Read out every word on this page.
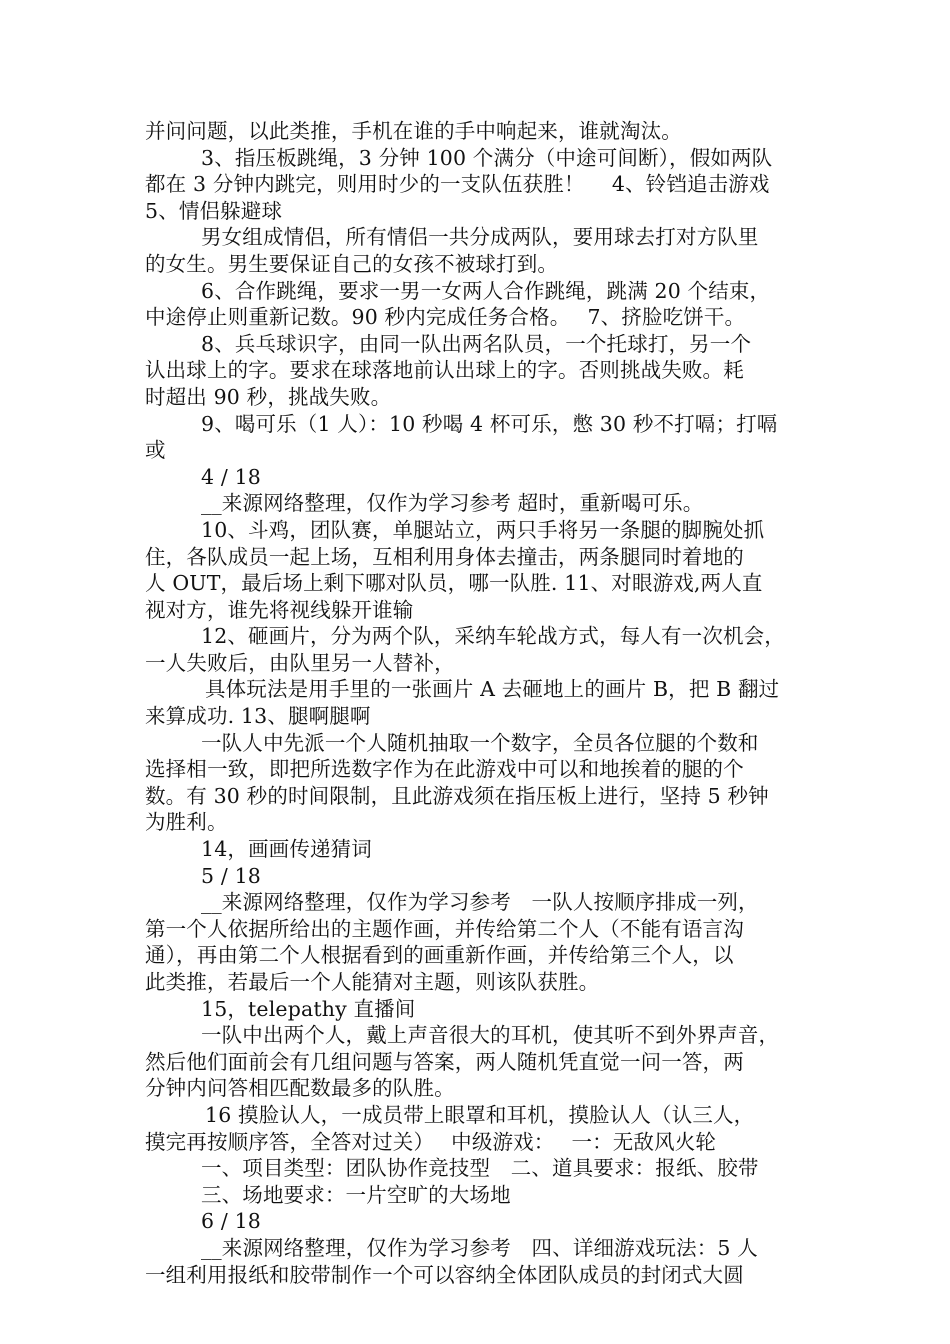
并问问题，以此类推，手机在谁的手中响起来，谁就淘汰。
3、指压板跳绳，3 分钟 100 个满分（中途可间断），假如两队
都在 3 分钟内跳完，则用时少的一支队伍获胜！　 4、铃铛追击游戏
5、情侣躲避球
男女组成情侣，所有情侣一共分成两队，要用球去打对方队里
的女生。男生要保证自己的女孩不被球打到。
6、合作跳绳，要求一男一女两人合作跳绳，跳满 20 个结束，
中途停止则重新记数。90 秒内完成任务合格。　 7、挤脸吃饼干。
8、兵乓球识字，由同一队出两名队员，一个托球打，另一个
认出球上的字。要求在球落地前认出球上的字。否则挑战失败。耗
时超出 90 秒，挑战失败。
9、喝可乐（1 人）：10 秒喝 4 杯可乐，憋 30 秒不打嗝；打嗝
或
4 / 18
__来源网络整理，仅作为学习参考 超时，重新喝可乐。
10、斗鸡，团队赛，单腿站立，两只手将另一条腿的脚腕处抓
住，各队成员一起上场，互相利用身体去撞击，两条腿同时着地的
人 OUT，最后场上剩下哪对队员，哪一队胜. 11、对眼游戏,两人直
视对方，谁先将视线躲开谁输
12、砸画片，分为两个队，采纳车轮战方式，每人有一次机会，
一人失败后，由队里另一人替补，
具体玩法是用手里的一张画片 A 去砸地上的画片 B，把 B 翻过
来算成功. 13、腿啊腿啊
一队人中先派一个人随机抽取一个数字，全员各位腿的个数和
选择相一致，即把所选数字作为在此游戏中可以和地挨着的腿的个
数。有 30 秒的时间限制，且此游戏须在指压板上进行，坚持 5 秒钟
为胜利。
14，画画传递猜词
5 / 18
__来源网络整理，仅作为学习参考　一队人按顺序排成一列，
第一个人依据所给出的主题作画，并传给第二个人（不能有语言沟
通），再由第二个人根据看到的画重新作画，并传给第三个人，以
此类推，若最后一个人能猜对主题，则该队获胜。
15，telepathy 直播间
一队中出两个人，戴上声音很大的耳机，使其听不到外界声音，
然后他们面前会有几组问题与答案，两人随机凭直觉一问一答，两
分钟内问答相匹配数最多的队胜。
16 摸脸认人，一成员带上眼罩和耳机，摸脸认人（认三人，
摸完再按顺序答，全答对过关）　 中级游戏：　 一：无敌风火轮
一、项目类型：团队协作竞技型　二、道具要求：报纸、胶带
三、场地要求：一片空旷的大场地
6 / 18
__来源网络整理，仅作为学习参考　四、详细游戏玩法：5 人
一组利用报纸和胶带制作一个可以容纳全体团队成员的封闭式大圆
